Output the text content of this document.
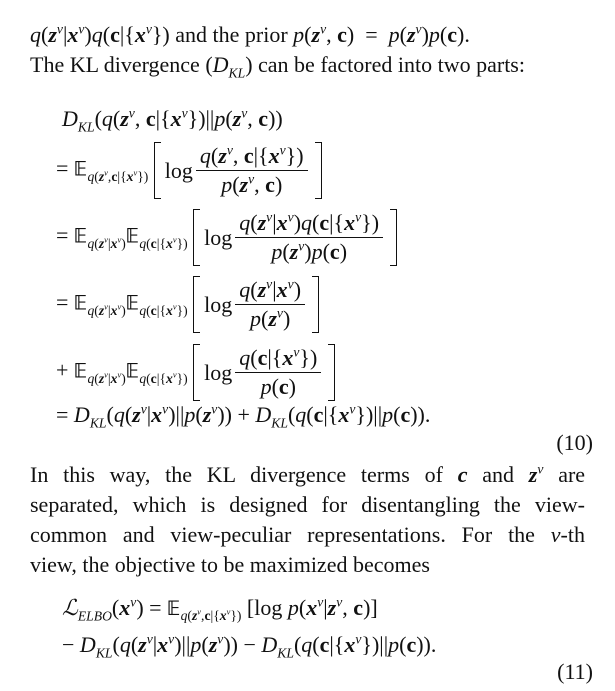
$q(z^v|x^v)q(c|\{x^v\})$ and the prior $p(z^v$, $c) = p(z^v)p(c)$.
The KL divergence $(D_{KL})$ can be factored into two parts:
$D_{KL}(q(z^v$, $c|\{x^v\})||p(z^v$, c))
= 𝔼$_{q(z^v,c|\{x^v\})}$ $\log \frac{q(z^v, c|\{x^v\})}{p(z^v, c)}$
= 𝔼$_{q(z^v|x^v)}$𝔼$_{q(c|\{x^v\})}$ $\log \frac{q(z^v|x^v)q(c|\{x^v\})}{p(z^v)p(c)}$
= 𝔼$_{q(z^v|x^v)}$𝔼$_{q(c|\{x^v\})}$ $\log \frac{q(z^v|x^v)}{p(z^v)}$
+ 𝔼$_{q(z^v|x^v)}$𝔼$_{q(c|\{x^v\})}$ $\log \frac{q(c|\{x^v\})}{p(c)}$
= $D_{KL}(q(z^v|x^v)||p(z^v)) + D_{KL}(q(c|\{x^v\})||p(c))$.
(10)
In this way, the KL divergence terms of c and $z^v$ are
separated, which is designed for disentangling the view-
common and view-peculiar representations. For the v-th
view, the objective to be maximized becomes
$ℒ_{ELBO}(x^v)$ = 𝔼$_{q(z^v,c|\{x^v\})}$ [log $p(x^v|z^v$, c)]
− $D_{KL}(q(z^v|x^v)||p(z^v)) - D_{KL}(q(c|\{x^v\})||p(c))$.
(11)
